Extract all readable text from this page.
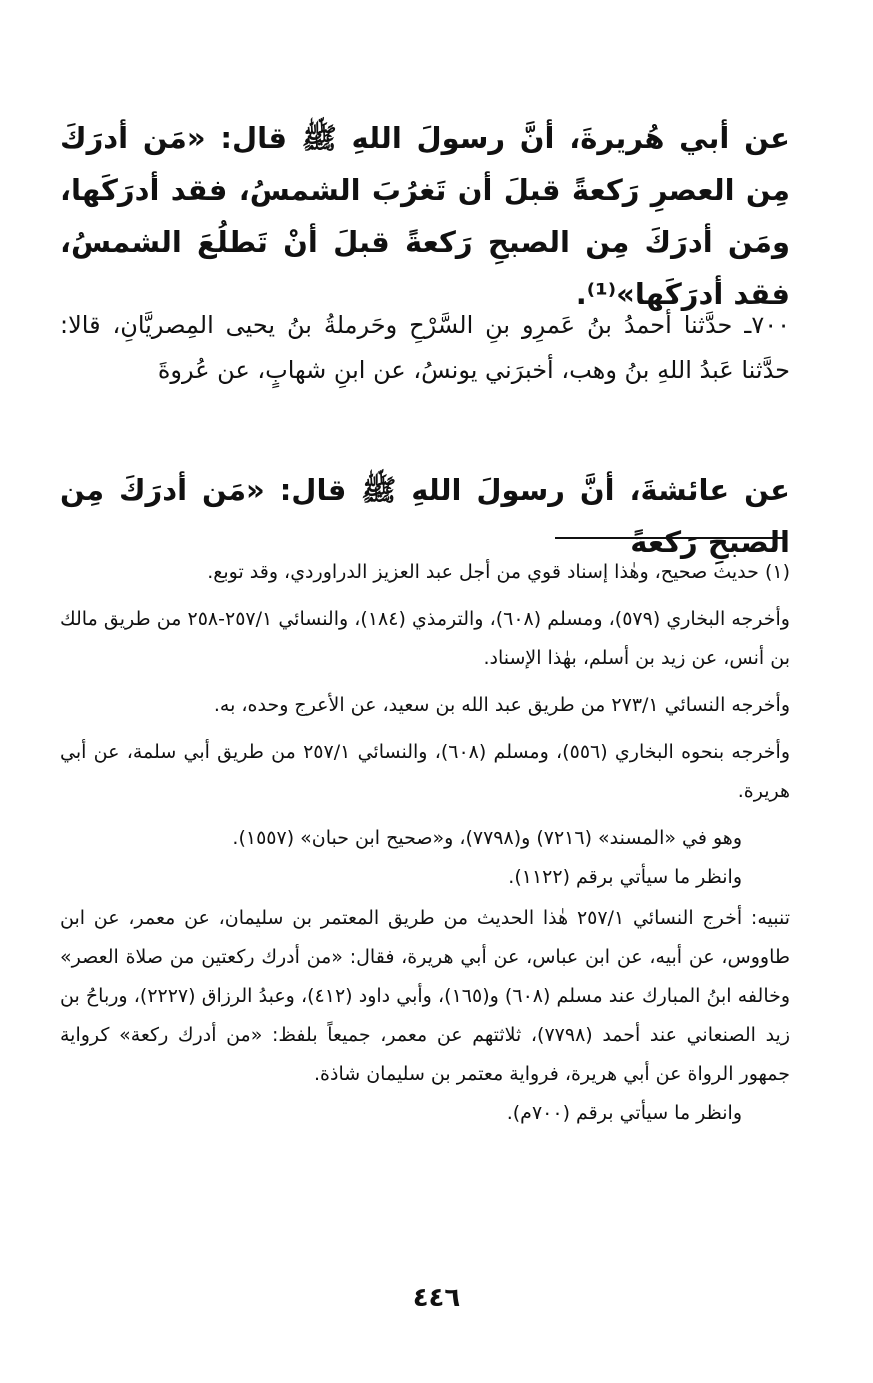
عن أبي هُريرةَ، أنَّ رسولَ اللهِ ﷺ قال: «مَن أدرَكَ مِن العصرِ رَكعةً قبلَ أن تَغرُبَ الشمسُ، فقد أدرَكَها، ومَن أدرَكَ مِن الصبحِ رَكعةً قبلَ أنْ تَطلُعَ الشمسُ، فقد أدرَكَها»⁽¹⁾.

٧٠٠ـ حدَّثنا أحمدُ بنُ عَمرِو بنِ السَّرْحِ وحَرملةُ بنُ يحيى المِصريَّانِ، قالا: حدَّثنا عَبدُ اللهِ بنُ وهب، أخبرَني يونسُ، عن ابنِ شهابٍ، عن عُروةَ

عن عائشةَ، أنَّ رسولَ اللهِ ﷺ قال: «مَن أدرَكَ مِن الصبحِ رَكعةً

(١) حديث صحيح، وهٰذا إسناد قوي من أجل عبد العزيز الدراوردي، وقد توبع.

وأخرجه البخاري (٥٧٩)، ومسلم (٦٠٨)، والترمذي (١٨٤)، والنسائي ٢٥٧/١-٢٥٨ من طريق مالك بن أنس، عن زيد بن أسلم، بهٰذا الإسناد.

وأخرجه النسائي ٢٧٣/١ من طريق عبد الله بن سعيد، عن الأعرج وحده، به.

وأخرجه بنحوه البخاري (٥٥٦)، ومسلم (٦٠٨)، والنسائي ٢٥٧/١ من طريق أبي سلمة، عن أبي هريرة.

وهو في «المسند» (٧٢١٦) و(٧٧٩٨)، و«صحيح ابن حبان» (١٥٥٧).

وانظر ما سيأتي برقم (١١٢٢).

تنبيه: أخرج النسائي ٢٥٧/١ هٰذا الحديث من طريق المعتمر بن سليمان، عن معمر، عن ابن طاووس، عن أبيه، عن ابن عباس، عن أبي هريرة، فقال: «من أدرك ركعتين من صلاة العصر» وخالفه ابنُ المبارك عند مسلم (٦٠٨) و(١٦٥)، وأبي داود (٤١٢)، وعبدُ الرزاق (٢٢٢٧)، ورباحُ بن زيد الصنعاني عند أحمد (٧٧٩٨)، ثلاثتهم عن معمر، جميعاً بلفظ: «من أدرك ركعة» كرواية جمهور الرواة عن أبي هريرة، فرواية معتمر بن سليمان شاذة.

وانظر ما سيأتي برقم (٧٠٠م).

٤٤٦
